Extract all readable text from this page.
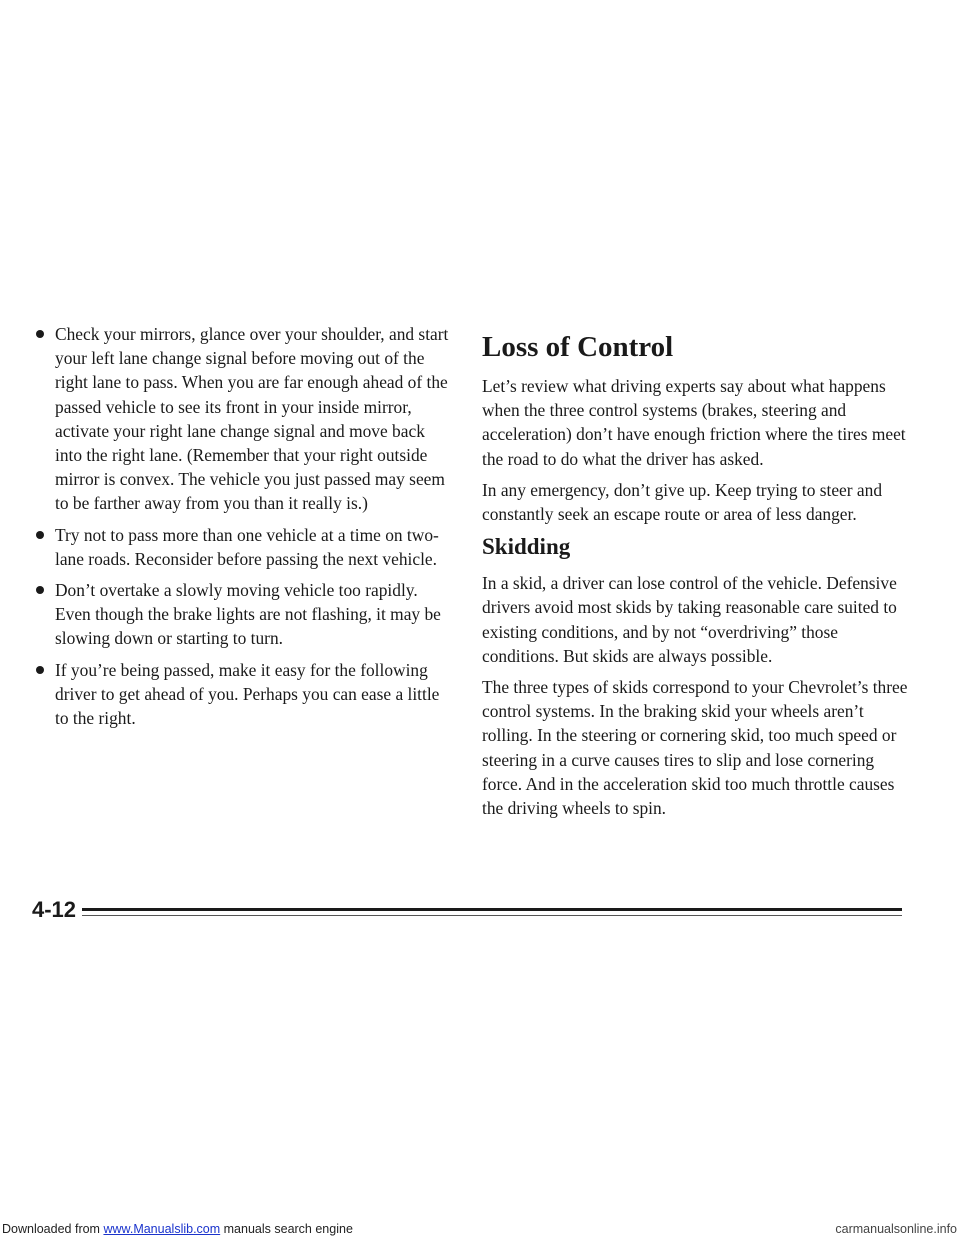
Check your mirrors, glance over your shoulder, and start your left lane change signal before moving out of the right lane to pass. When you are far enough ahead of the passed vehicle to see its front in your inside mirror, activate your right lane change signal and move back into the right lane. (Remember that your right outside mirror is convex. The vehicle you just passed may seem to be farther away from you than it really is.)
Try not to pass more than one vehicle at a time on two-lane roads. Reconsider before passing the next vehicle.
Don’t overtake a slowly moving vehicle too rapidly. Even though the brake lights are not flashing, it may be slowing down or starting to turn.
If you’re being passed, make it easy for the following driver to get ahead of you. Perhaps you can ease a little to the right.
Loss of Control

Let’s review what driving experts say about what happens when the three control systems (brakes, steering and acceleration) don’t have enough friction where the tires meet the road to do what the driver has asked.

In any emergency, don’t give up. Keep trying to steer and constantly seek an escape route or area of less danger.

Skidding

In a skid, a driver can lose control of the vehicle. Defensive drivers avoid most skids by taking reasonable care suited to existing conditions, and by not “overdriving” those conditions. But skids are always possible.

The three types of skids correspond to your Chevrolet’s three control systems. In the braking skid your wheels aren’t rolling. In the steering or cornering skid, too much speed or steering in a curve causes tires to slip and lose cornering force. And in the acceleration skid too much throttle causes the driving wheels to spin.

4-12
Downloaded from www.Manualslib.com manuals search engine	carmanualsonline.info
